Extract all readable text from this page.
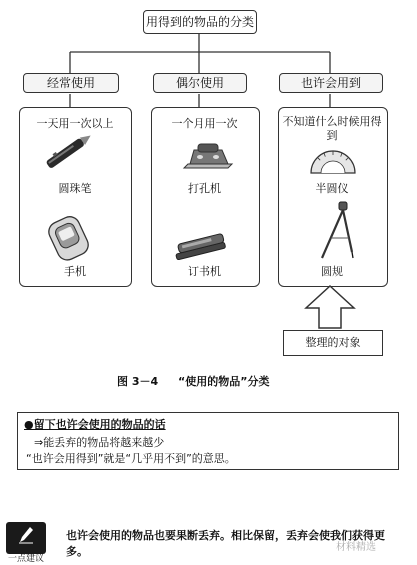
用得到的物品的分类
经常使用	偶尔使用	也许会用到
一天用一次以上
圆珠笔
手机
一个月用一次
打孔机
订书机
不知道什么时候用得到
半圆仪
圆规
整理的对象
图 3－4 “使用的物品”分类
●留下也许会使用的物品的话
⇒能丢弃的物品将越来越少
“也许会用得到”就是“几乎用不到”的意思。
一点建议
也许会使用的物品也要果断丢弃。相比保留，丢弃会使我们获得更多。	材料精选
